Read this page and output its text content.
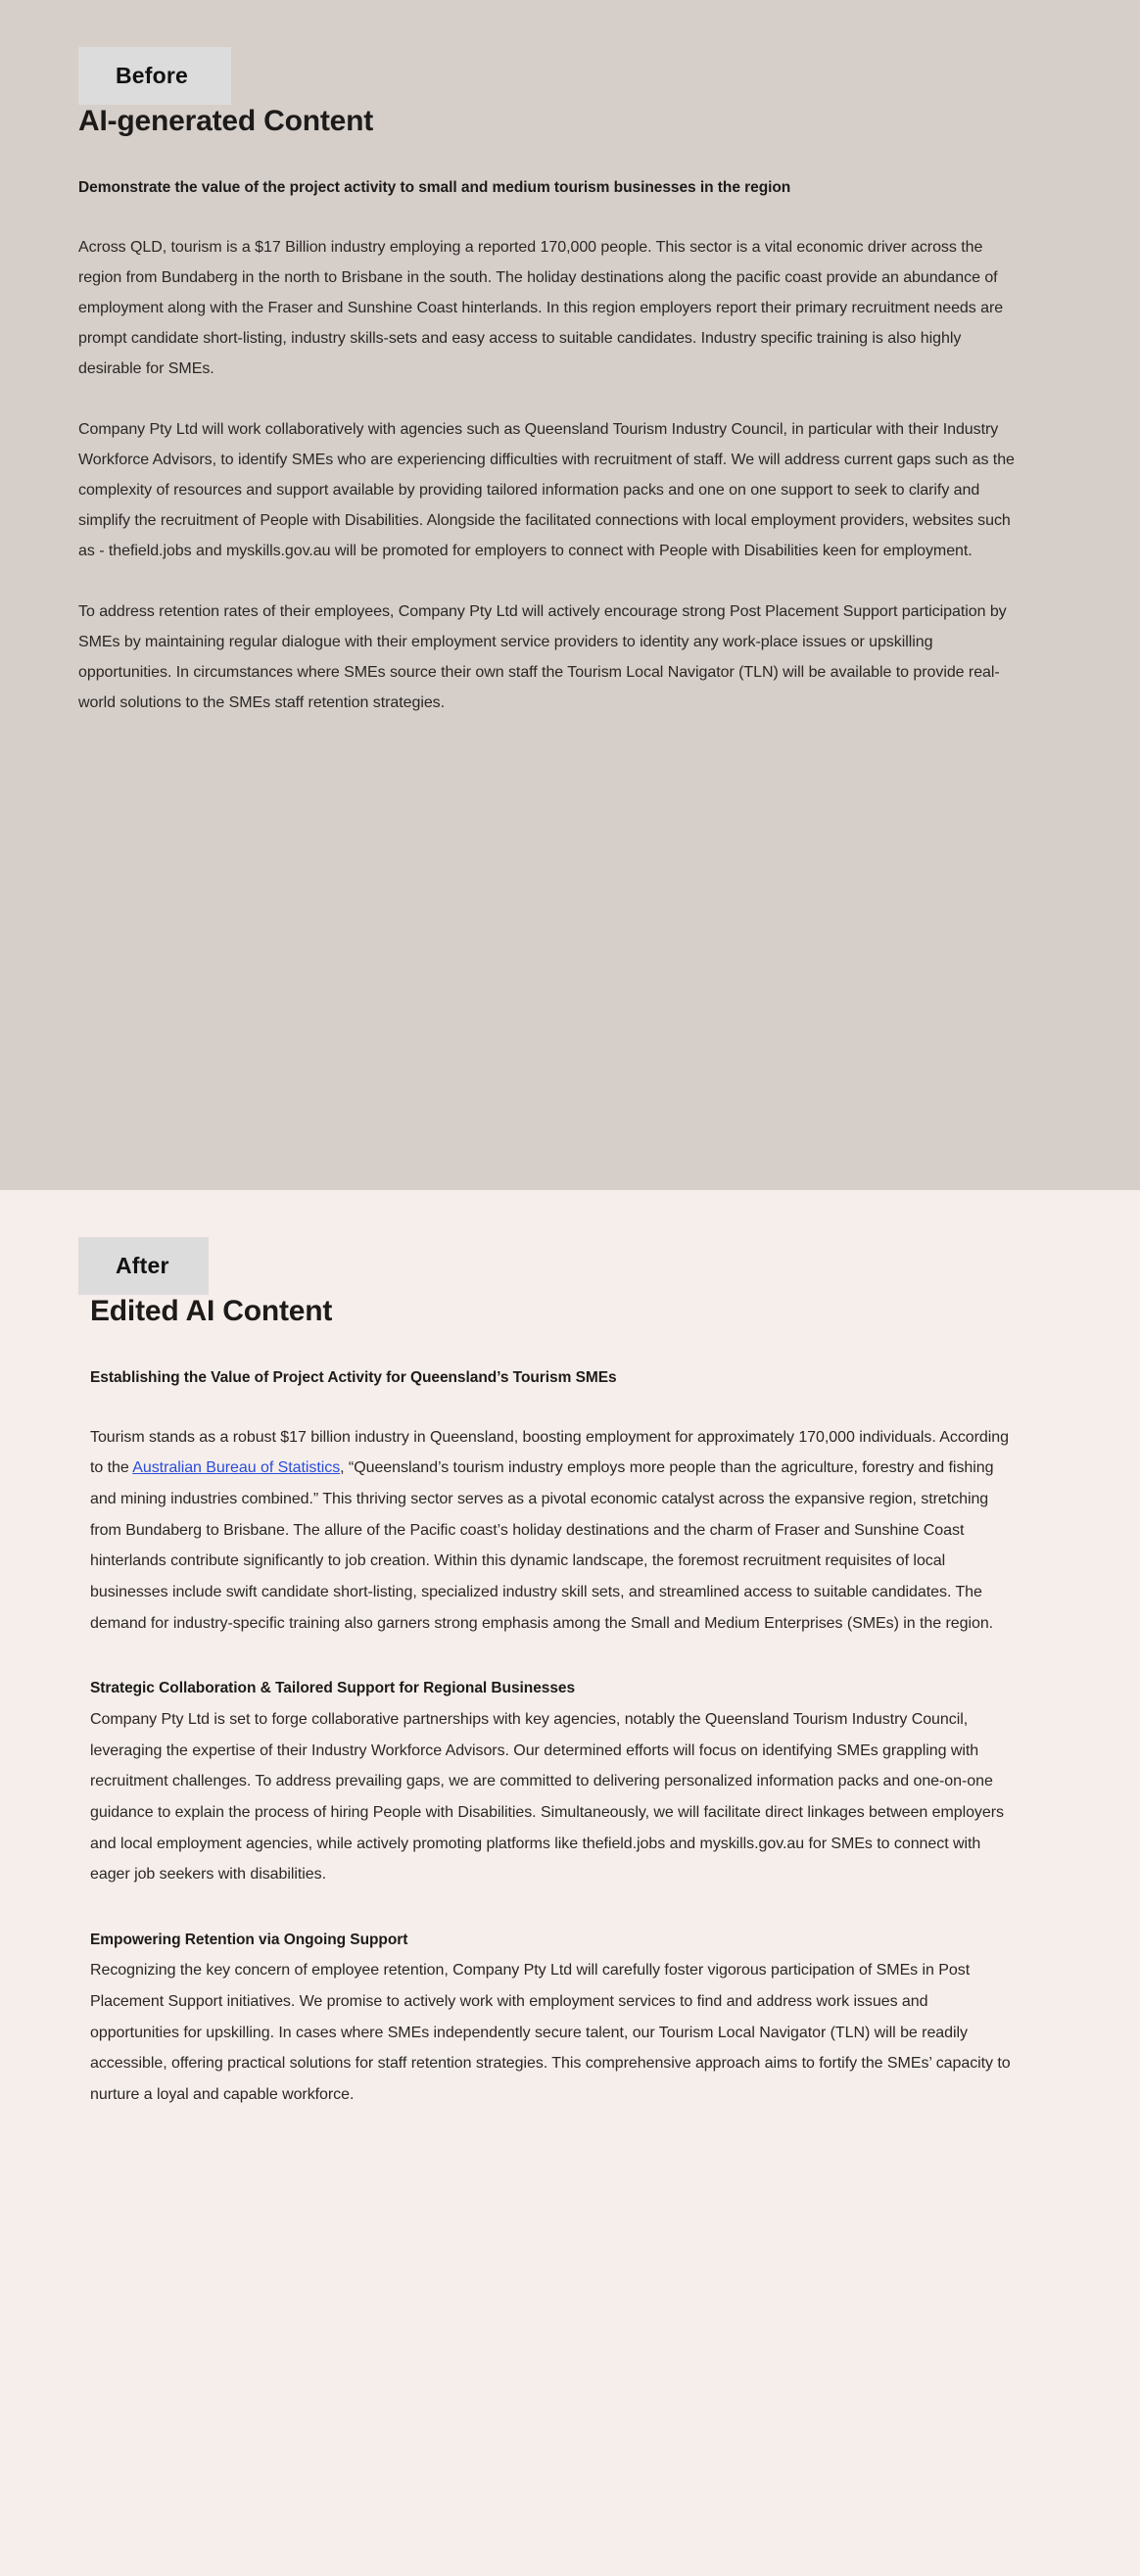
Before
AI-generated Content
Demonstrate the value of the project activity to small and medium tourism businesses in the region

Across QLD, tourism is a $17 Billion industry employing a reported 170,000 people. This sector is a vital economic driver across the region from Bundaberg in the north to Brisbane in the south. The holiday destinations along the pacific coast provide an abundance of employment along with the Fraser and Sunshine Coast hinterlands. In this region employers report their primary recruitment needs are prompt candidate short-listing, industry skills-sets and easy access to suitable candidates. Industry specific training is also highly desirable for SMEs.

Company Pty Ltd will work collaboratively with agencies such as Queensland Tourism Industry Council, in particular with their Industry Workforce Advisors, to identify SMEs who are experiencing difficulties with recruitment of staff. We will address current gaps such as the complexity of resources and support available by providing tailored information packs and one on one support to seek to clarify and simplify the recruitment of People with Disabilities. Alongside the facilitated connections with local employment providers, websites such as - thefield.jobs and myskills.gov.au will be promoted for employers to connect with People with Disabilities keen for employment.

To address retention rates of their employees, Company Pty Ltd will actively encourage strong Post Placement Support participation by SMEs by maintaining regular dialogue with their employment service providers to identity any work-place issues or upskilling opportunities. In circumstances where SMEs source their own staff the Tourism Local Navigator (TLN) will be available to provide real-world solutions to the SMEs staff retention strategies.

After
Edited AI Content
Establishing the Value of Project Activity for Queensland’s Tourism SMEs

Tourism stands as a robust $17 billion industry in Queensland, boosting employment for approximately 170,000 individuals. According to the Australian Bureau of Statistics, “Queensland’s tourism industry employs more people than the agriculture, forestry and fishing and mining industries combined.” This thriving sector serves as a pivotal economic catalyst across the expansive region, stretching from Bundaberg to Brisbane. The allure of the Pacific coast’s holiday destinations and the charm of Fraser and Sunshine Coast hinterlands contribute significantly to job creation. Within this dynamic landscape, the foremost recruitment requisites of local businesses include swift candidate short-listing, specialized industry skill sets, and streamlined access to suitable candidates. The demand for industry-specific training also garners strong emphasis among the Small and Medium Enterprises (SMEs) in the region.

Strategic Collaboration & Tailored Support for Regional Businesses

Company Pty Ltd is set to forge collaborative partnerships with key agencies, notably the Queensland Tourism Industry Council, leveraging the expertise of their Industry Workforce Advisors. Our determined efforts will focus on identifying SMEs grappling with recruitment challenges. To address prevailing gaps, we are committed to delivering personalized information packs and one-on-one guidance to explain the process of hiring People with Disabilities. Simultaneously, we will facilitate direct linkages between employers and local employment agencies, while actively promoting platforms like thefield.jobs and myskills.gov.au for SMEs to connect with eager job seekers with disabilities.

Empowering Retention via Ongoing Support

Recognizing the key concern of employee retention, Company Pty Ltd will carefully foster vigorous participation of SMEs in Post Placement Support initiatives. We promise to actively work with employment services to find and address work issues and opportunities for upskilling. In cases where SMEs independently secure talent, our Tourism Local Navigator (TLN) will be readily accessible, offering practical solutions for staff retention strategies. This comprehensive approach aims to fortify the SMEs’ capacity to nurture a loyal and capable workforce.
